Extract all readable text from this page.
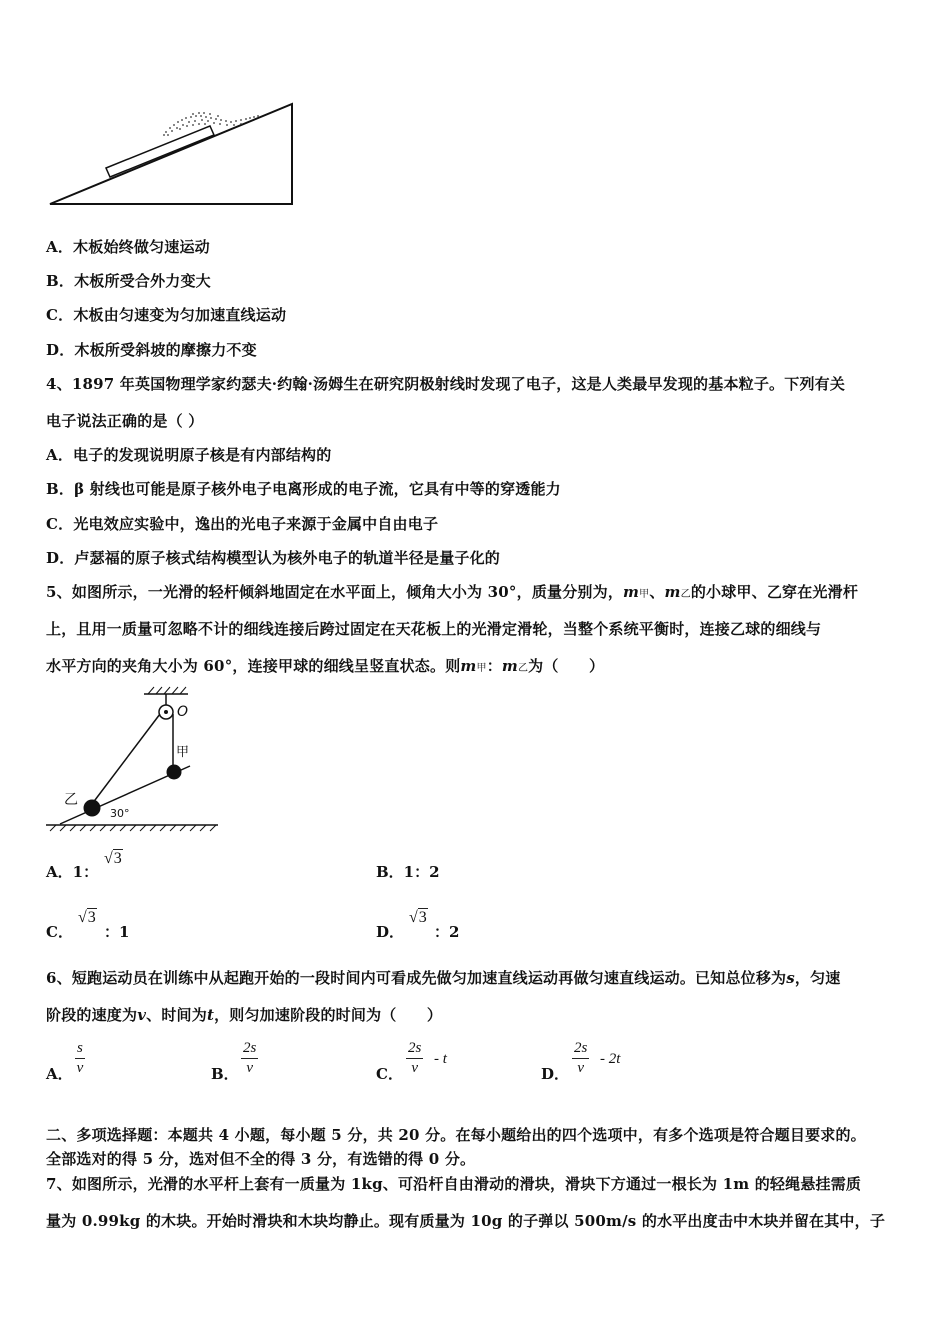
A．木板始终做匀速运动
B．木板所受合外力变大
C．木板由匀速变为匀加速直线运动
D．木板所受斜坡的摩擦力不变
4、1897 年英国物理学家约瑟夫·约翰·汤姆生在研究阴极射线时发现了电子，这是人类最早发现的基本粒子。下列有关
电子说法正确的是（ ）
A．电子的发现说明原子核是有内部结构的
B．β 射线也可能是原子核外电子电离形成的电子流，它具有中等的穿透能力
C．光电效应实验中，逸出的光电子来源于金属中自由电子
D．卢瑟福的原子核式结构模型认为核外电子的轨道半径是量子化的
5、如图所示，一光滑的轻杆倾斜地固定在水平面上，倾角大小为 30°，质量分别为，m甲、m乙的小球甲、乙穿在光滑杆
上，且用一质量可忽略不计的细线连接后跨过固定在天花板上的光滑定滑轮，当整个系统平衡时，连接乙球的细线与
水平方向的夹角大小为 60°，连接甲球的细线呈竖直状态。则m甲：m乙为（　　）
O
甲
乙
30°
A．1：
√3
B．1：2
C．
√3
：1	D．
√3
：2
6、短跑运动员在训练中从起跑开始的一段时间内可看成先做匀加速直线运动再做匀速直线运动。已知总位移为s，匀速
阶段的速度为v、时间为t，则匀加速阶段的时间为（　　）
A．
s
v	B．
2s
v	C．
2s
v
- t
D．
2s
v
- 2t
二、多项选择题：本题共 4 小题，每小题 5 分，共 20 分。在每小题给出的四个选项中，有多个选项是符合题目要求的。
全部选对的得 5 分，选对但不全的得 3 分，有选错的得 0 分。
7、如图所示，光滑的水平杆上套有一质量为 1kg、可沿杆自由滑动的滑块，滑块下方通过一根长为 1m 的轻绳悬挂需质
量为 0.99kg 的木块。开始时滑块和木块均静止。现有质量为 10g 的子弹以 500m/s 的水平出度击中木块并留在其中，子
